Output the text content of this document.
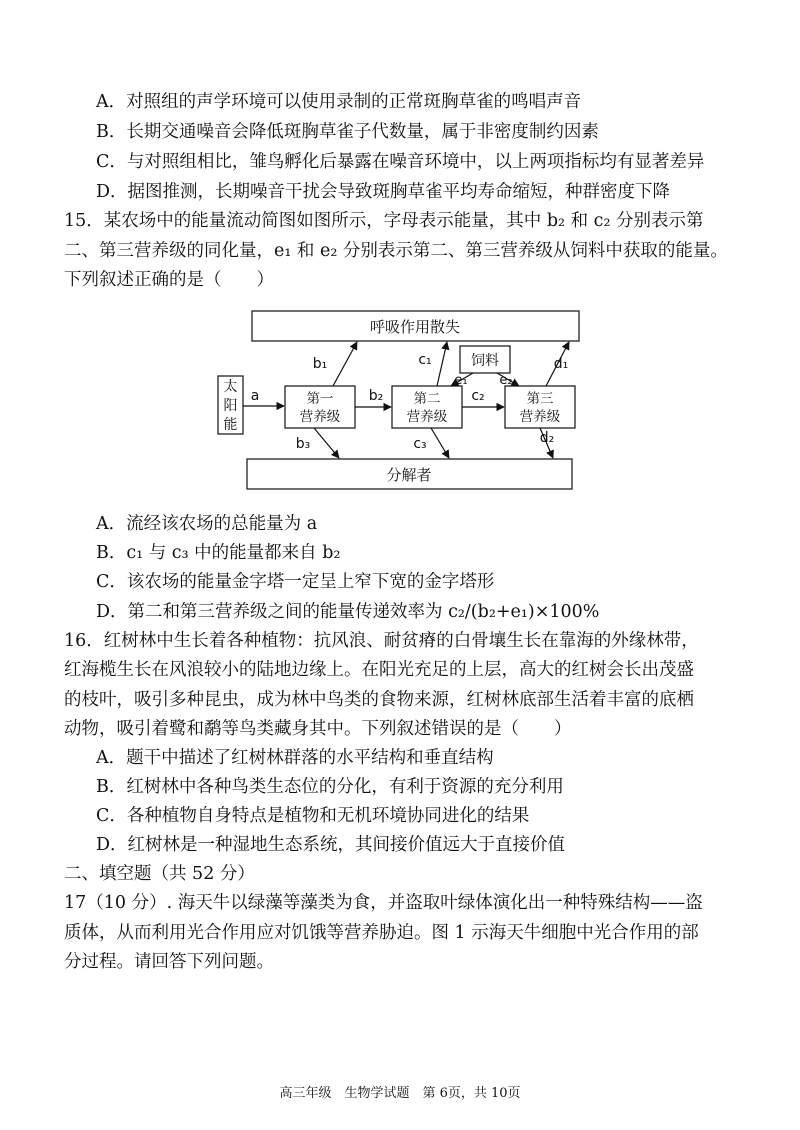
A．对照组的声学环境可以使用录制的正常斑胸草雀的鸣唱声音
B．长期交通噪音会降低斑胸草雀子代数量，属于非密度制约因素
C．与对照组相比，雏鸟孵化后暴露在噪音环境中，以上两项指标均有显著差异
D．据图推测，长期噪音干扰会导致斑胸草雀平均寿命缩短，种群密度下降
15．某农场中的能量流动简图如图所示，字母表示能量，其中 b₂ 和 c₂ 分别表示第
二、第三营养级的同化量，e₁ 和 e₂ 分别表示第二、第三营养级从饲料中获取的能量。
下列叙述正确的是（　　）
呼吸作用散失
分解者
太
阳
能
第一
营养级
第二
营养级
第三
营养级
饲料
a	b₂	c₂
b₁	c₁	d₁
e₁ e₂
b₃	c₃	d₂
A．流经该农场的总能量为 a
B．c₁ 与 c₃ 中的能量都来自 b₂
C．该农场的能量金字塔一定呈上窄下宽的金字塔形
D．第二和第三营养级之间的能量传递效率为 c₂/(b₂+e₁)×100%
16．红树林中生长着各种植物：抗风浪、耐贫瘠的白骨壤生长在靠海的外缘林带，
红海榄生长在风浪较小的陆地边缘上。在阳光充足的上层，高大的红树会长出茂盛
的枝叶，吸引多种昆虫，成为林中鸟类的食物来源，红树林底部生活着丰富的底栖
动物，吸引着鹭和鹬等鸟类藏身其中。下列叙述错误的是（　　）
A．题干中描述了红树林群落的水平结构和垂直结构
B．红树林中各种鸟类生态位的分化，有利于资源的充分利用
C．各种植物自身特点是植物和无机环境协同进化的结果
D．红树林是一种湿地生态系统，其间接价值远大于直接价值
二、填空题（共 52 分）
17（10 分）. 海天牛以绿藻等藻类为食，并盗取叶绿体演化出一种特殊结构——盗
质体，从而利用光合作用应对饥饿等营养胁迫。图 1 示海天牛细胞中光合作用的部
分过程。请回答下列问题。
高三年级　生物学试题　第 6页，共 10页
